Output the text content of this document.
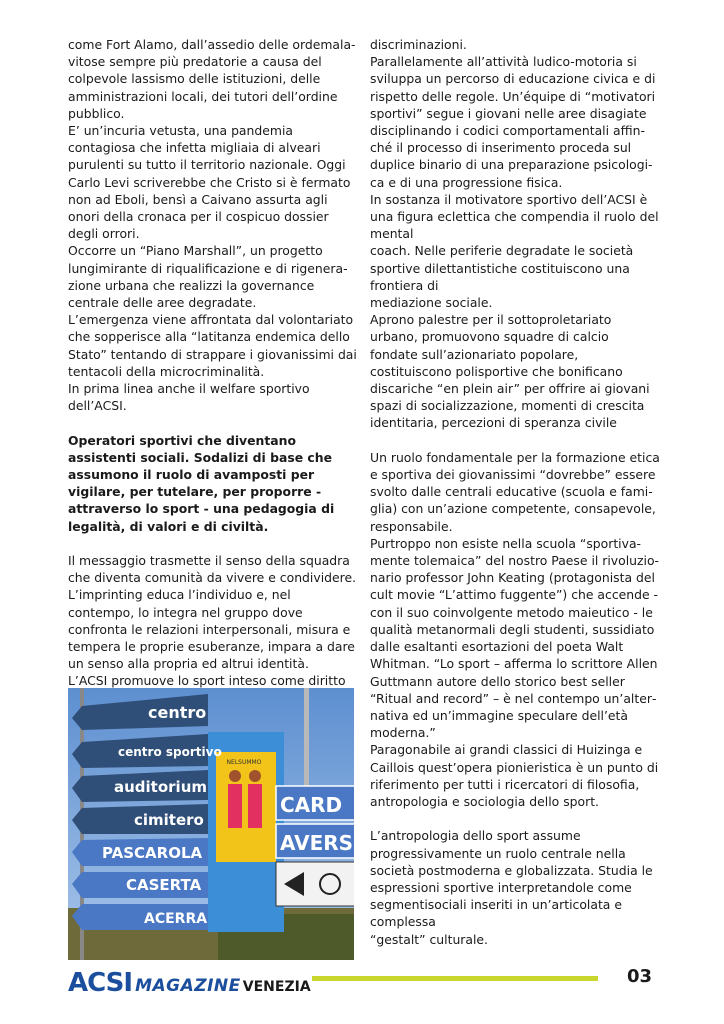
come Fort Alamo, dall’assedio delle ordemalavitose sempre più predatorie a causa del colpevole lassismo delle istituzioni, delle amministrazioni locali, dei tutori dell’ordine pubblico.

E’ un’incuria vetusta, una pandemia contagiosa che infetta migliaia di alveari purulenti su tutto il territorio nazionale. Oggi Carlo Levi scriverebbe che Cristo si è fermato non ad Eboli, bensì a Caivano assurta agli onori della cronaca per il cospicuo dossier degli orrori.

Occorre un “Piano Marshall”, un progetto lungimirante di riqualificazione e di rigenerazione urbana che realizzi la governance centrale delle aree degradate.

L’emergenza viene affrontata dal volontariato che sopperisce alla “latitanza endemica dello Stato” tentando di strappare i giovanissimi dai tentacoli della microcriminalità.

In prima linea anche il welfare sportivo dell’ACSI.

Operatori sportivi che diventano assistenti sociali. Sodalizi di base che assumono il ruolo di avamposti per vigilare, per tutelare, per proporre - attraverso lo sport - una pedagogia di legalità, di valori e di civiltà.

Il messaggio trasmette il senso della squadra che diventa comunità da vivere e condividere.

L’imprinting educa l’individuo e, nel contempo, lo integra nel gruppo dove confronta le relazioni interpersonali, misura e tempera le proprie esuberanze, impara a dare un senso alla propria ed altrui identità.

L’ACSI promuove lo sport inteso come diritto

discriminazioni.

Parallelamente all’attività ludico-motoria si sviluppa un percorso di educazione civica e di rispetto delle regole. Un’équipe di “motivatori sportivi” segue i giovani nelle aree disagiate disciplinando i codici comportamentali affinché il processo di inserimento proceda sul duplice binario di una preparazione psicologica e di una progressione fisica.

In sostanza il motivatore sportivo dell’ACSI è una figura eclettica che compendia il ruolo del mental

coach. Nelle periferie degradate le società sportive dilettantistiche costituiscono una frontiera di

mediazione sociale.

Aprono palestre per il sottoproletariato urbano, promuovono squadre di calcio fondate sull’azionariato popolare, costituiscono polisportive che bonificano discariche “en plein air” per offrire ai giovani spazi di socializzazione, momenti di crescita identitaria, percezioni di speranza civile

Un ruolo fondamentale per la formazione etica e sportiva dei giovanissimi “dovrebbe” essere svolto dalle centrali educative (scuola e famiglia) con un’azione competente, consapevole, responsabile.

Purtroppo non esiste nella scuola “sportivamente tolemaica” del nostro Paese il rivoluzionario professor John Keating (protagonista del cult movie “L’attimo fuggente”) che accende - con il suo coinvolgente metodo maieutico - le qualità metanormali degli studenti, sussidiato dalle esaltanti esortazioni del poeta Walt Whitman. “Lo sport – afferma lo scrittore Allen Guttmann autore dello storico best seller “Ritual and record” – è nel contempo un’alternativa ed un’immagine speculare dell’età moderna.”

Paragonabile ai grandi classici di Huizinga e Caillois quest’opera pionieristica è un punto di riferimento per tutti i ricercatori di filosofia, antropologia e sociologia dello sport.

L’antropologia dello sport assume progressivamente un ruolo centrale nella società postmoderna e globalizzata. Studia le espressioni sportive interpretandole come segmentisociali inseriti in un’articolata e complessa

“gestalt” culturale.

NELSUMMO
centro
centro sportivo
auditorium
cimitero
PASCAROLA
CASERTA
ACERRA
CARD
AVERS
ACSI MAGAZINE VENEZIA	03
